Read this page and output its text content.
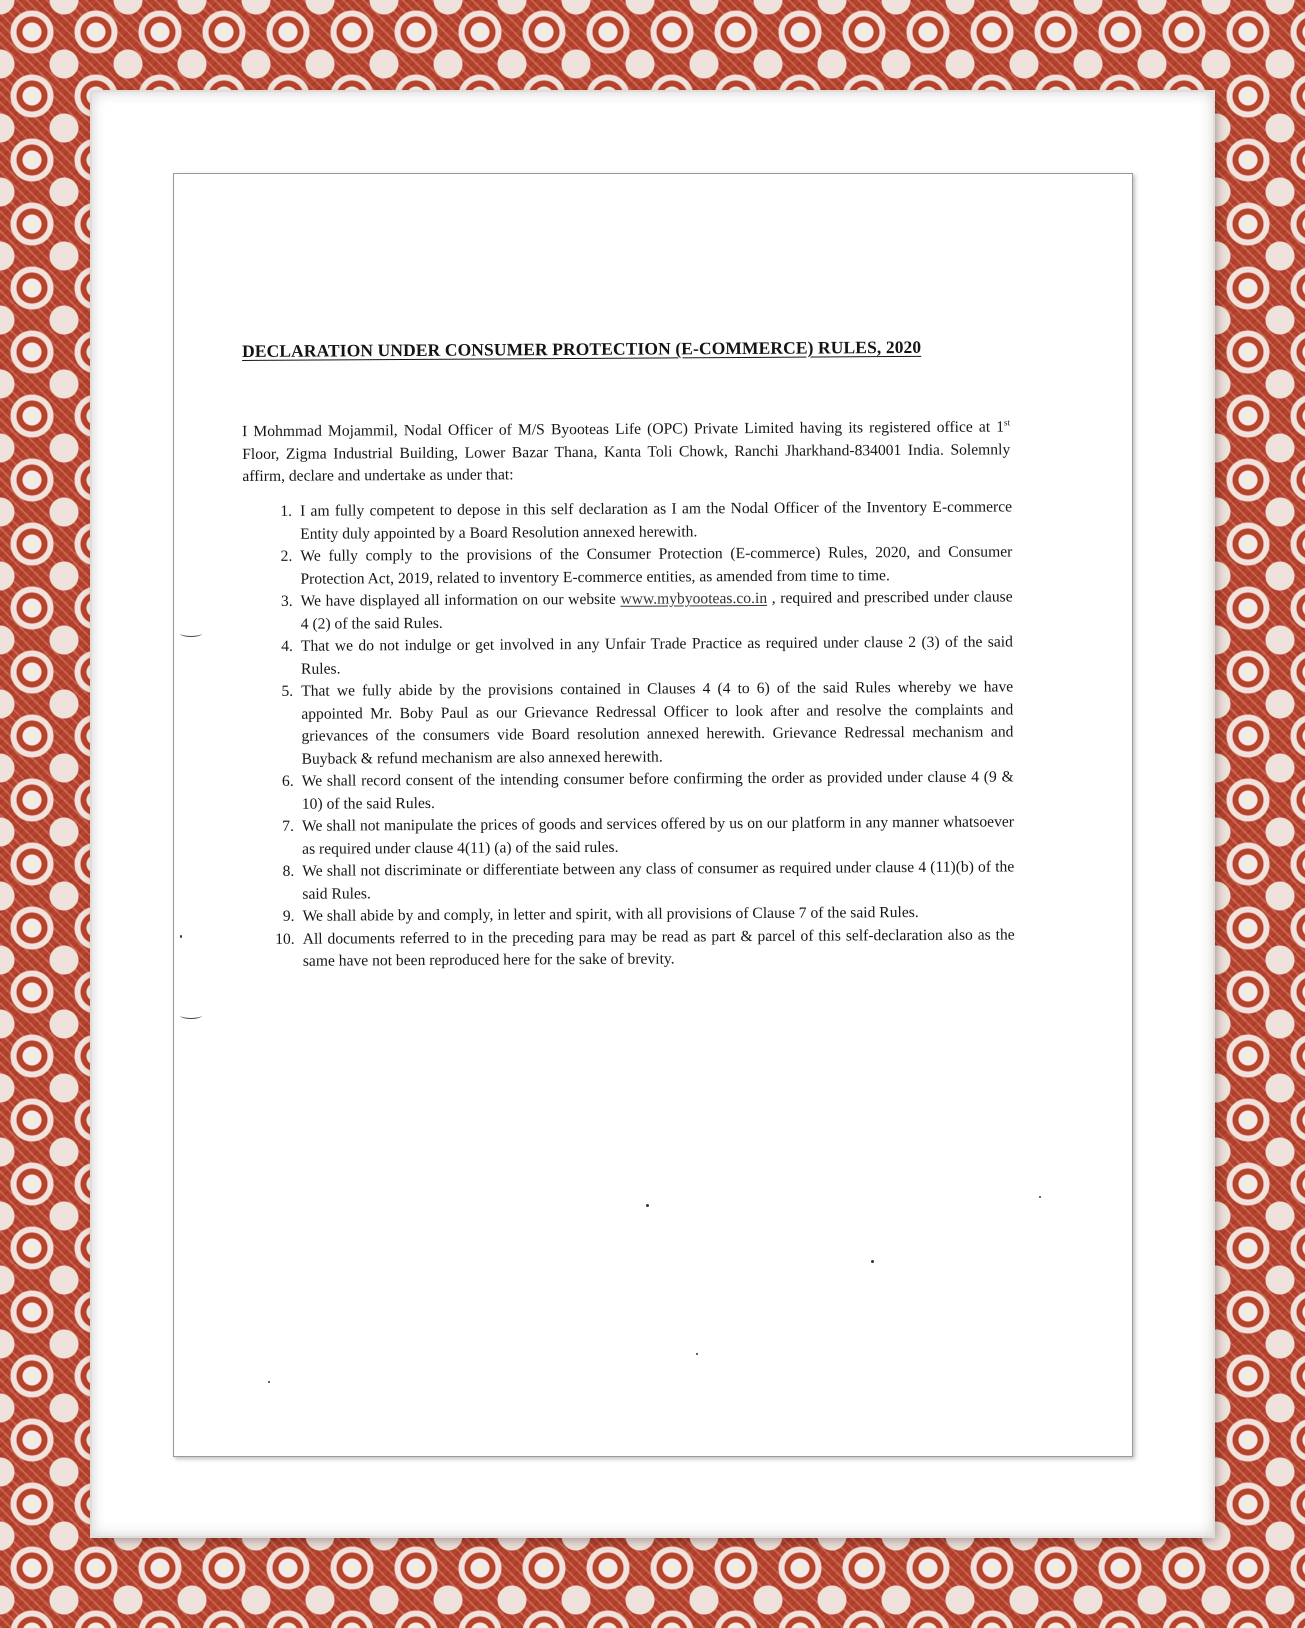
DECLARATION UNDER CONSUMER PROTECTION (E-COMMERCE) RULES, 2020

I Mohmmad Mojammil, Nodal Officer of M/S Byooteas Life (OPC) Private Limited having its registered office at 1st Floor, Zigma Industrial Building, Lower Bazar Thana, Kanta Toli Chowk, Ranchi Jharkhand-834001 India. Solemnly affirm, declare and undertake as under that:

1. I am fully competent to depose in this self declaration as I am the Nodal Officer of the Inventory E-commerce Entity duly appointed by a Board Resolution annexed herewith.
2. We fully comply to the provisions of the Consumer Protection (E-commerce) Rules, 2020, and Consumer Protection Act, 2019, related to inventory E-commerce entities, as amended from time to time.
3. We have displayed all information on our website www.mybyooteas.co.in , required and prescribed under clause 4 (2) of the said Rules.
4. That we do not indulge or get involved in any Unfair Trade Practice as required under clause 2 (3) of the said Rules.
5. That we fully abide by the provisions contained in Clauses 4 (4 to 6) of the said Rules whereby we have appointed Mr. Boby Paul as our Grievance Redressal Officer to look after and resolve the complaints and grievances of the consumers vide Board resolution annexed herewith. Grievance Redressal mechanism and Buyback & refund mechanism are also annexed herewith.
6. We shall record consent of the intending consumer before confirming the order as provided under clause 4 (9 & 10) of the said Rules.
7. We shall not manipulate the prices of goods and services offered by us on our platform in any manner whatsoever as required under clause 4(11) (a) of the said rules.
8. We shall not discriminate or differentiate between any class of consumer as required under clause 4 (11)(b) of the said Rules.
9. We shall abide by and comply, in letter and spirit, with all provisions of Clause 7 of the said Rules.
10. All documents referred to in the preceding para may be read as part & parcel of this self-declaration also as the same have not been reproduced here for the sake of brevity.
